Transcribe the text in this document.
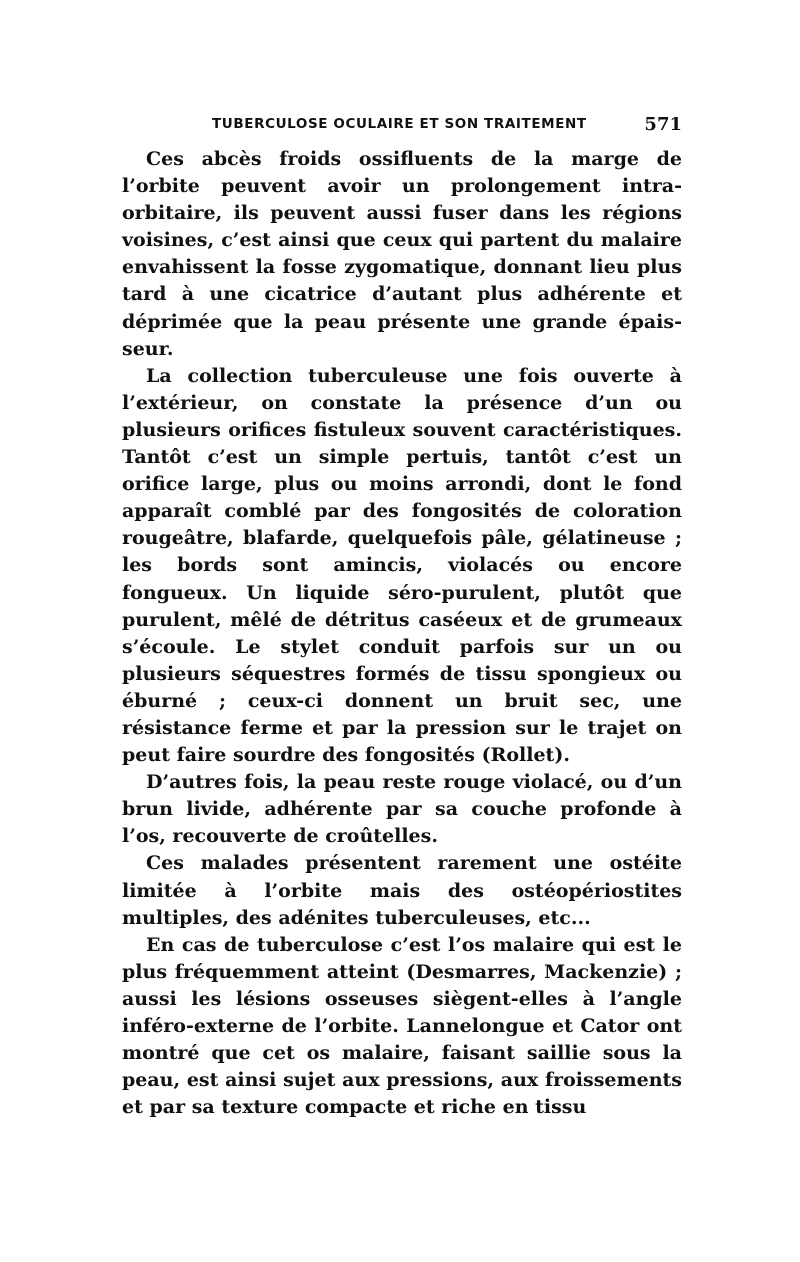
TUBERCULOSE OCULAIRE ET SON TRAITEMENT	571

Ces abcès froids ossifluents de la marge de l’orbite peuvent avoir un prolongement intra-orbitaire, ils peuvent aussi fuser dans les régions voisines, c’est ainsi que ceux qui partent du malaire envahissent la fosse zygomatique, donnant lieu plus tard à une cicatrice d’autant plus adhérente et déprimée que la peau présente une grande épaisseur.

La collection tuberculeuse une fois ouverte à l’extérieur, on constate la présence d’un ou plusieurs orifices fistuleux souvent caractéristiques. Tantôt c’est un simple pertuis, tantôt c’est un orifice large, plus ou moins arrondi, dont le fond apparaît comblé par des fongosités de coloration rougeâtre, blafarde, quelquefois pâle, gélatineuse ; les bords sont amincis, violacés ou encore fongueux. Un liquide séro-purulent, plutôt que purulent, mêlé de détritus caséeux et de grumeaux s’écoule. Le stylet conduit parfois sur un ou plusieurs séquestres formés de tissu spongieux ou éburné ; ceux-ci donnent un bruit sec, une résistance ferme et par la pression sur le trajet on peut faire sourdre des fongosités (Rollet).

D’autres fois, la peau reste rouge violacé, ou d’un brun livide, adhérente par sa couche profonde à l’os, recouverte de croûtelles.

Ces malades présentent rarement une ostéite limitée à l’orbite mais des ostéopériostites multiples, des adénites tuberculeuses, etc...

En cas de tuberculose c’est l’os malaire qui est le plus fréquemment atteint (Desmarres, Mackenzie) ; aussi les lésions osseuses siègent-elles à l’angle inféro-externe de l’orbite. Lannelongue et Cator ont montré que cet os malaire, faisant saillie sous la peau, est ainsi sujet aux pressions, aux froissements et par sa texture compacte et riche en tissu
